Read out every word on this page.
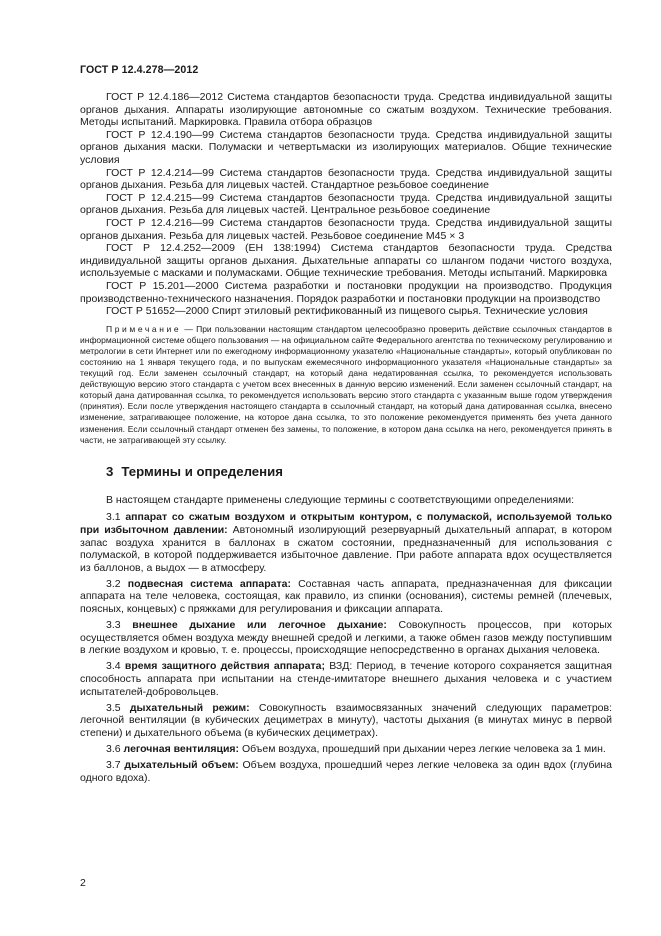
ГОСТ Р 12.4.278—2012

ГОСТ Р 12.4.186—2012 Система стандартов безопасности труда. Средства индивидуальной защиты органов дыхания. Аппараты изолирующие автономные со сжатым воздухом. Технические требования. Методы испытаний. Маркировка. Правила отбора образцов

ГОСТ Р 12.4.190—99 Система стандартов безопасности труда. Средства индивидуальной защиты органов дыхания маски. Полумаски и четвертьмаски из изолирующих материалов. Общие технические условия

ГОСТ Р 12.4.214—99 Система стандартов безопасности труда. Средства индивидуальной защиты органов дыхания. Резьба для лицевых частей. Стандартное резьбовое соединение

ГОСТ Р 12.4.215—99 Система стандартов безопасности труда. Средства индивидуальной защиты органов дыхания. Резьба для лицевых частей. Центральное резьбовое соединение

ГОСТ Р 12.4.216—99 Система стандартов безопасности труда. Средства индивидуальной защиты органов дыхания. Резьба для лицевых частей. Резьбовое соединение М45 × 3

ГОСТ Р 12.4.252—2009 (ЕН 138:1994) Система стандартов безопасности труда. Средства индивидуальной защиты органов дыхания. Дыхательные аппараты со шлангом подачи чистого воздуха, используемые с масками и полумасками. Общие технические требования. Методы испытаний. Маркировка

ГОСТ Р 15.201—2000 Система разработки и постановки продукции на производство. Продукция производственно-технического назначения. Порядок разработки и постановки продукции на производство

ГОСТ Р 51652—2000 Спирт этиловый ректификованный из пищевого сырья. Технические условия

Примечание — При пользовании настоящим стандартом целесообразно проверить действие ссылочных стандартов в информационной системе общего пользования — на официальном сайте Федерального агентства по техническому регулированию и метрологии в сети Интернет или по ежегодному информационному указателю «Национальные стандарты», который опубликован по состоянию на 1 января текущего года, и по выпускам ежемесячного информационного указателя «Национальные стандарты» за текущий год. Если заменен ссылочный стандарт, на который дана недатированная ссылка, то рекомендуется использовать действующую версию этого стандарта с учетом всех внесенных в данную версию изменений. Если заменен ссылочный стандарт, на который дана датированная ссылка, то рекомендуется использовать версию этого стандарта с указанным выше годом утверждения (принятия). Если после утверждения настоящего стандарта в ссылочный стандарт, на который дана датированная ссылка, внесено изменение, затрагивающее положение, на которое дана ссылка, то это положение рекомендуется применять без учета данного изменения. Если ссылочный стандарт отменен без замены, то положение, в котором дана ссылка на него, рекомендуется принять в части, не затрагивающей эту ссылку.

3 Термины и определения

В настоящем стандарте применены следующие термины с соответствующими определениями:

3.1 аппарат со сжатым воздухом и открытым контуром, с полумаской, используемой только при избыточном давлении: Автономный изолирующий резервуарный дыхательный аппарат, в котором запас воздуха хранится в баллонах в сжатом состоянии, предназначенный для использования с полумаской, в которой поддерживается избыточное давление. При работе аппарата вдох осуществляется из баллонов, а выдох — в атмосферу.

3.2 подвесная система аппарата: Составная часть аппарата, предназначенная для фиксации аппарата на теле человека, состоящая, как правило, из спинки (основания), системы ремней (плечевых, поясных, концевых) с пряжками для регулирования и фиксации аппарата.

3.3 внешнее дыхание или легочное дыхание: Совокупность процессов, при которых осуществляется обмен воздуха между внешней средой и легкими, а также обмен газов между поступившим в легкие воздухом и кровью, т. е. процессы, происходящие непосредственно в органах дыхания человека.

3.4 время защитного действия аппарата; ВЗД: Период, в течение которого сохраняется защитная способность аппарата при испытании на стенде-имитаторе внешнего дыхания человека и с участием испытателей-добровольцев.

3.5 дыхательный режим: Совокупность взаимосвязанных значений следующих параметров: легочной вентиляции (в кубических дециметрах в минуту), частоты дыхания (в минутах минус в первой степени) и дыхательного объема (в кубических дециметрах).

3.6 легочная вентиляция: Объем воздуха, прошедший при дыхании через легкие человека за 1 мин.

3.7 дыхательный объем: Объем воздуха, прошедший через легкие человека за один вдох (глубина одного вдоха).

2
